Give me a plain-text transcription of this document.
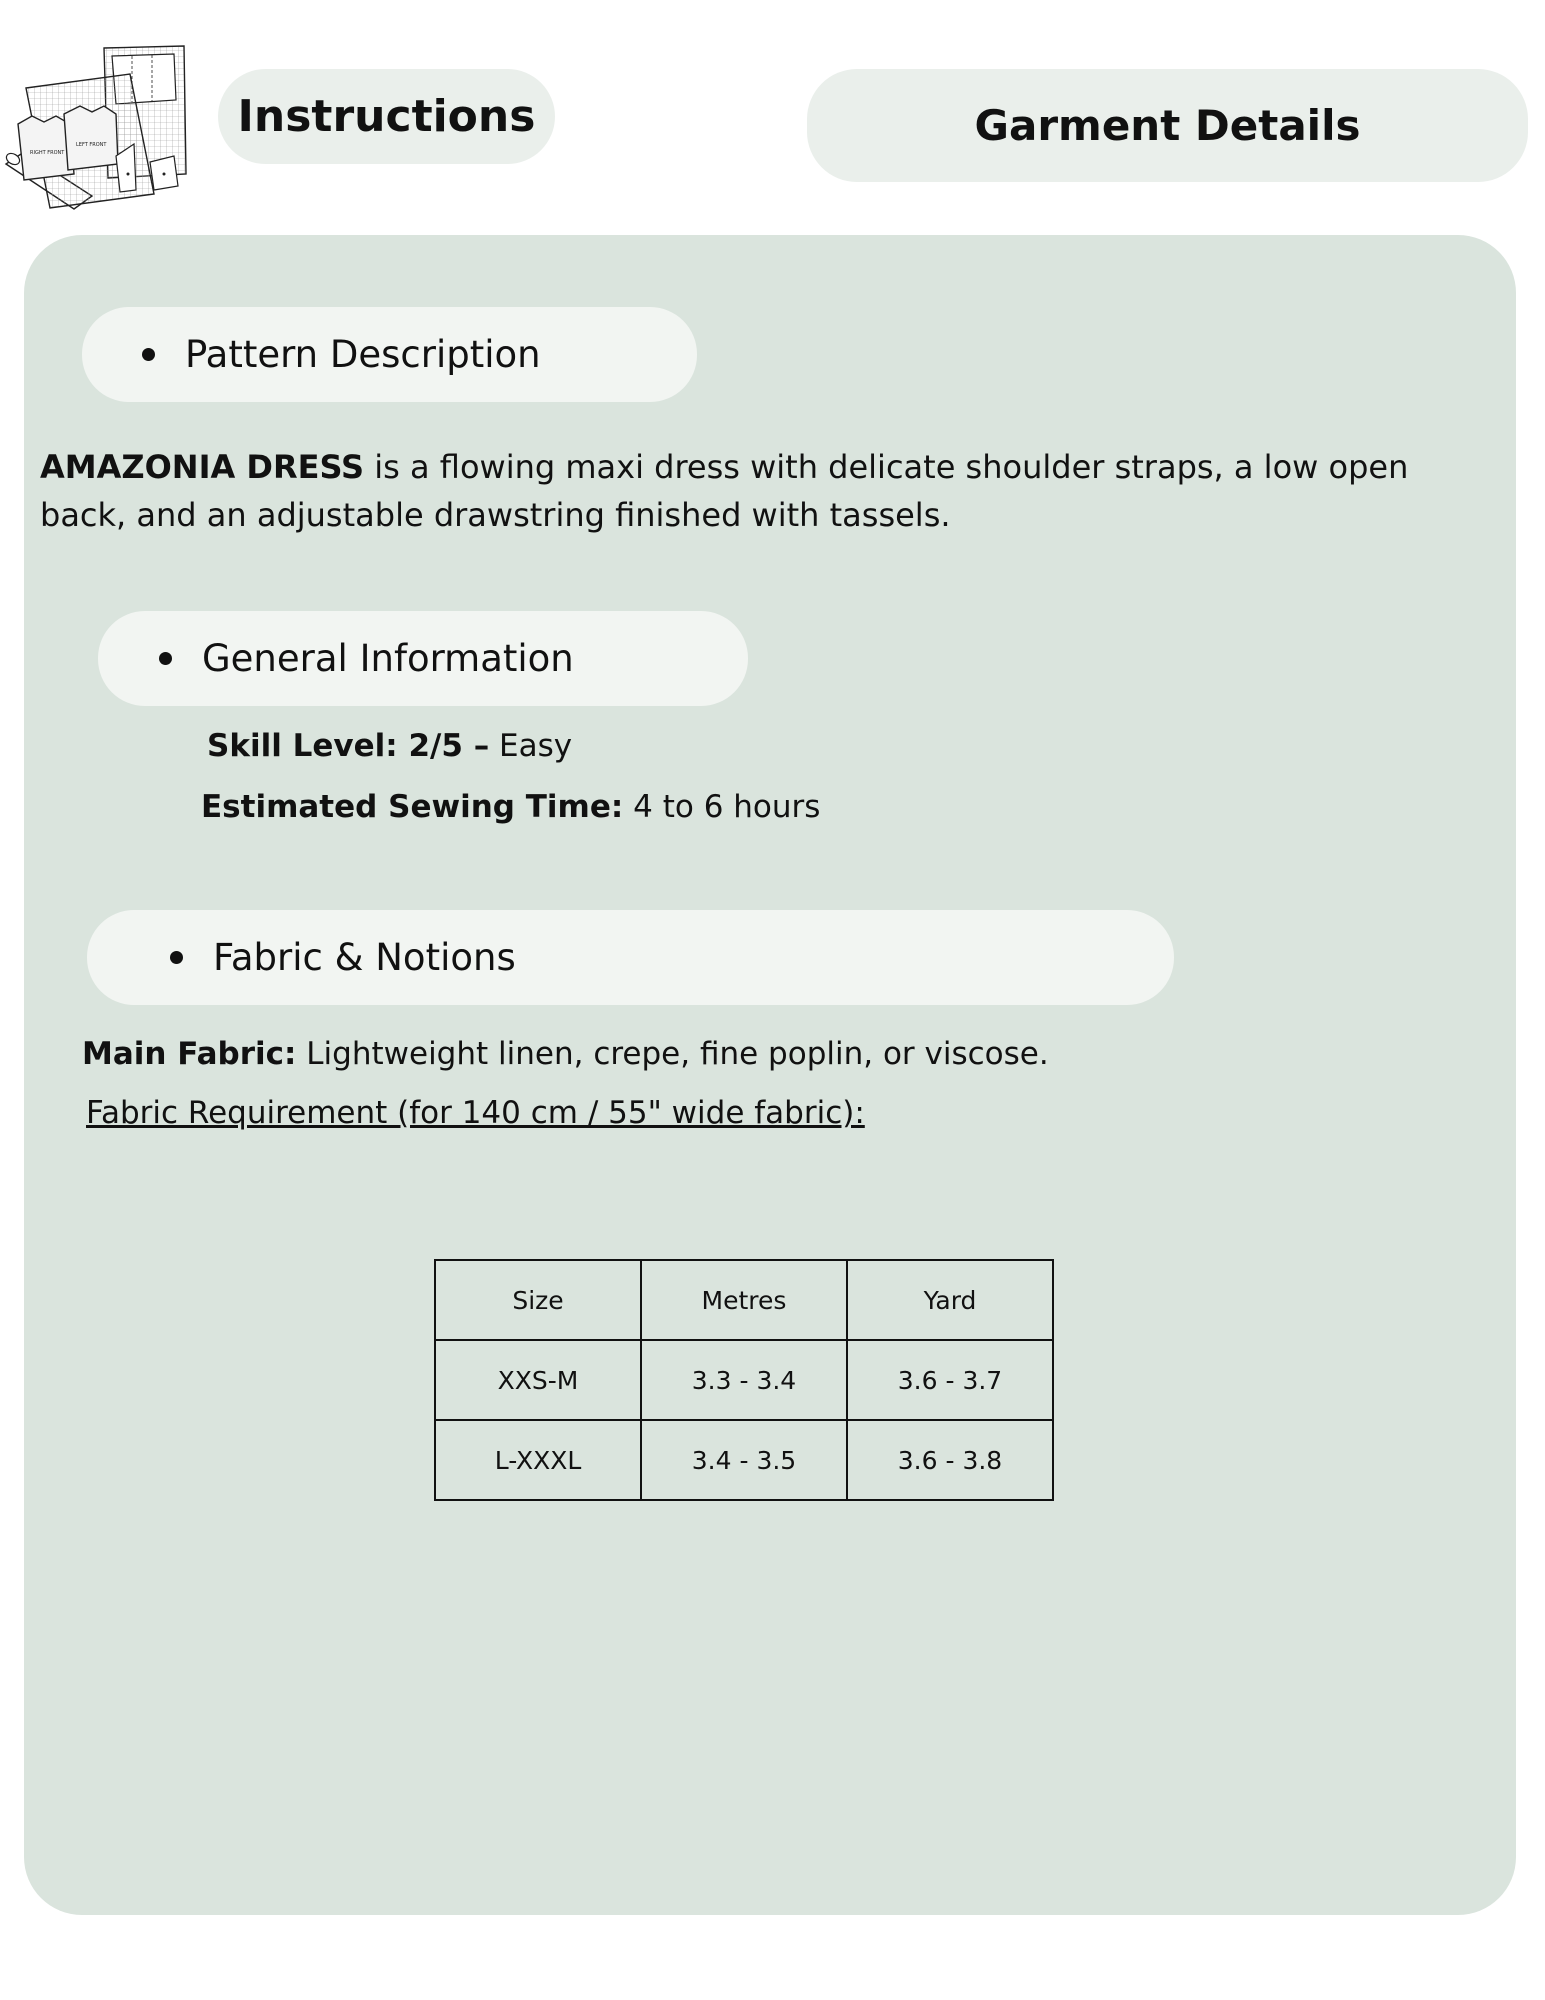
RIGHT FRONT
LEFT FRONT
Instructions	Garment Details
Pattern Description
AMAZONIA DRESS is a flowing maxi dress with delicate shoulder straps, a low open back, and an adjustable drawstring finished with tassels.
General Information
Skill Level: 2/5 – Easy
Estimated Sewing Time: 4 to 6 hours
Fabric & Notions
Main Fabric: Lightweight linen, crepe, fine poplin, or viscose.
Fabric Requirement (for 140 cm / 55" wide fabric):
Size	Metres	Yard
XXS-M	3.3 - 3.4	3.6 - 3.7
L-XXXL	3.4 - 3.5	3.6 - 3.8
